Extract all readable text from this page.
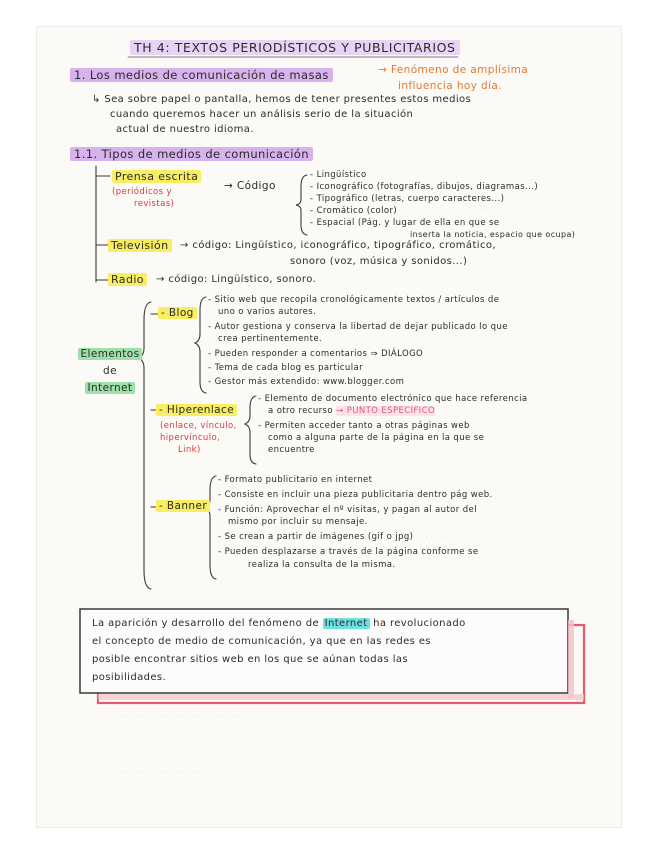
· · · · · · · ·
· · · · · ·
· · · · · · · ·
· · · · · · · · · · · · · · · · · · · · · · · · · ·
· · · · · · · · · · · · · · · · · · · · · · · · · · · ·
· · · · · · · · · · · · · · · · · · · · · ·
TH 4: TEXTOS PERIODÍSTICOS Y PUBLICITARIOS
1. Los medios de comunicación de masas	→ Fenómeno de amplísima
influencia hoy día.
↳ Sea sobre papel o pantalla, hemos de tener presentes estos medios
cuando queremos hacer un análisis serio de la situación
actual de nuestro idioma.
1.1. Tipos de medios de comunicación
Prensa escrita
(periódicos y
revistas)
→ Código
- Lingüístico
- Iconográfico (fotografías, dibujos, diagramas...)
- Tipográfico (letras, cuerpo caracteres...)
- Cromático (color)
- Espacial (Pág. y lugar de ella en que se
inserta la noticia, espacio que ocupa)
Televisión	→ código: Lingüístico, iconográfico, tipográfico, cromático,
sonoro (voz, música y sonidos...)
Radio	→ código: Lingüístico, sonoro.
Elementos
de
Internet
- Blog
- Sitio web que recopila cronológicamente textos / artículos de
uno o varios autores.
- Autor gestiona y conserva la libertad de dejar publicado lo que
crea pertinentemente.
- Pueden responder a comentarios ⇒ DIÁLOGO
- Tema de cada blog es particular
- Gestor más extendido: www.blogger.com
- Hiperenlace
(enlace, vínculo,
hipervínculo,
Link)
- Elemento de documento electrónico que hace referencia
a otro recurso → PUNTO ESPECÍFICO
- Permiten acceder tanto a otras páginas web
como a alguna parte de la página en la que se
encuentre
- Banner
- Formato publicitario en internet
- Consiste en incluir una pieza publicitaria dentro pág web.
- Función: Aprovechar el nº visitas, y pagan al autor del
mismo por incluir su mensaje.
- Se crean a partir de imágenes (gif o jpg)
- Pueden desplazarse a través de la página conforme se
realiza la consulta de la misma.
La aparición y desarrollo del fenómeno de Internet ha revolucionado
el concepto de medio de comunicación, ya que en las redes es
posible encontrar sitios web en los que se aúnan todas las
posibilidades.
